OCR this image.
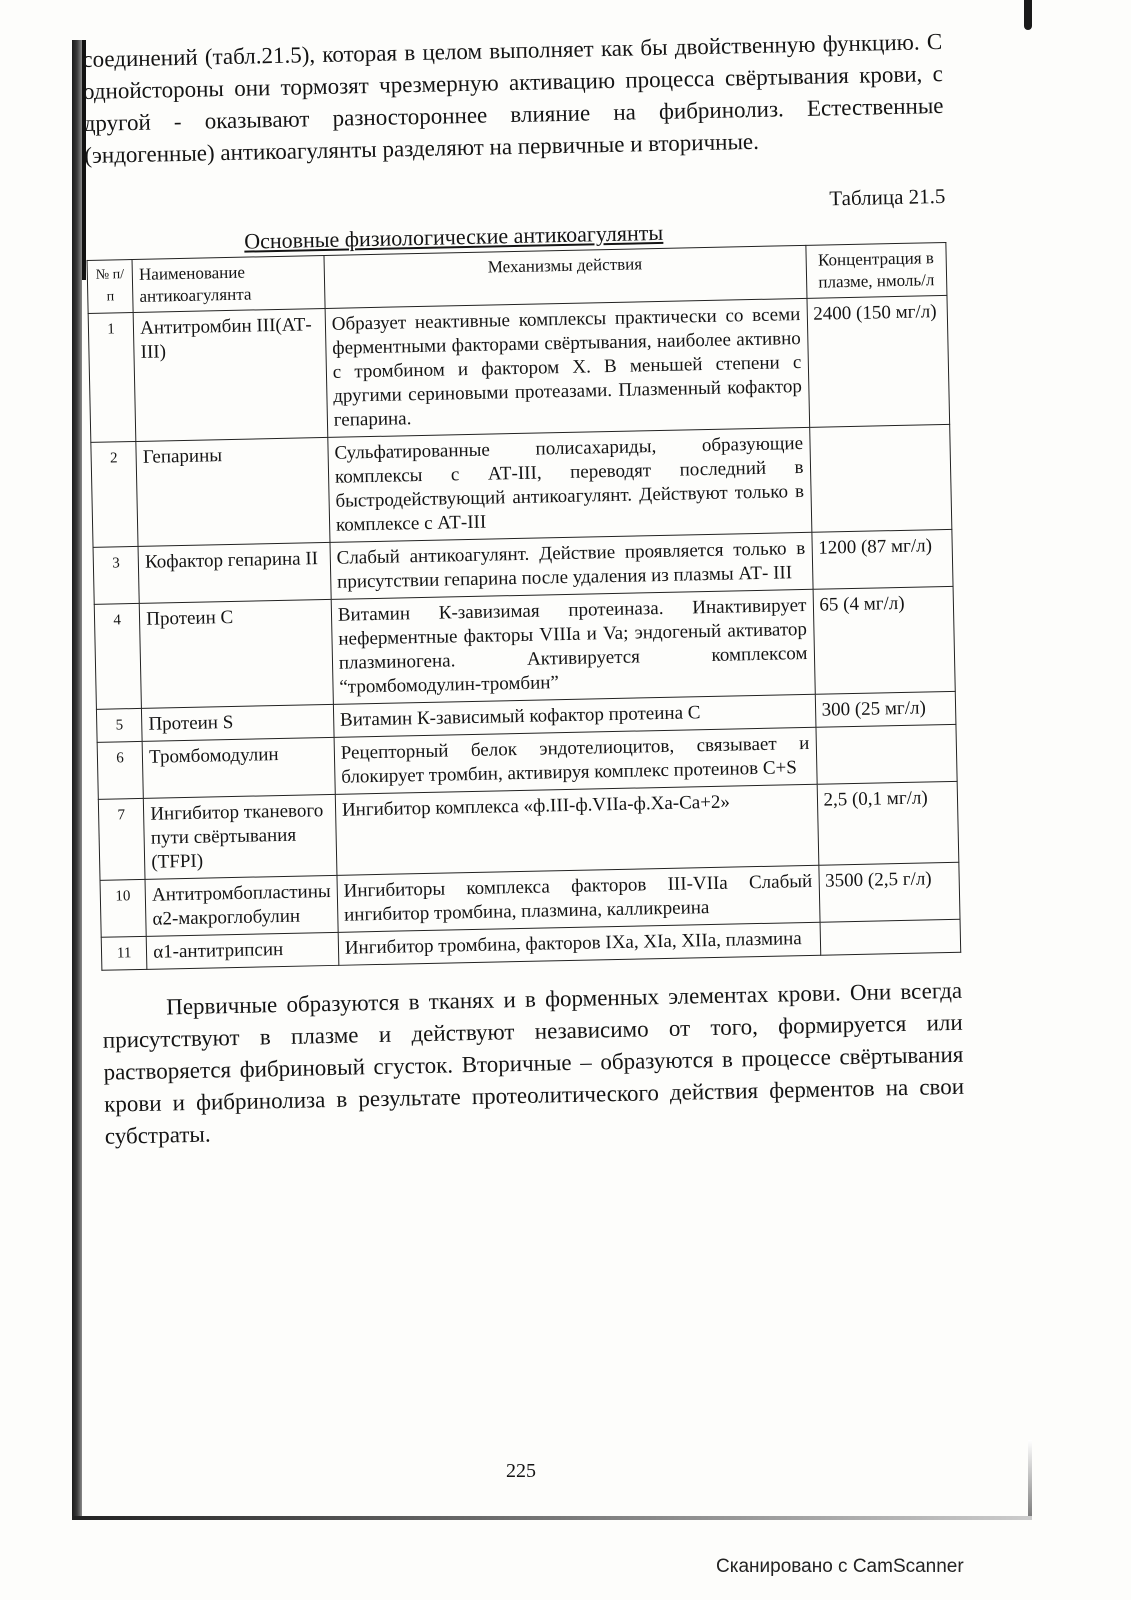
соединений (табл.21.5), которая в целом выполняет как бы двойственную функцию. С однойстороны они тормозят чрезмерную активацию процесса свёртывания крови, с другой - оказывают разностороннее влияние на фибринолиз. Естественные (эндогенные) антикоагулянты разделяют на первичные и вторичные.

Таблица 21.5
Основные физиологические антикоагулянты
№ п/п	Наименование антикоагулянта	Механизмы действия	Концентрация в плазме, нмоль/л
1	Антитромбин III(АТ-III)	Образует неактивные комплексы практически со всеми ферментными факторами свёртывания, наиболее активно с тромбином и фактором Х. В меньшей степени с другими сериновыми протеазами. Плазменный кофактор гепарина.	2400 (150 мг/л)
2	Гепарины	Сульфатированные полисахариды, образующие комплексы с АТ-III, переводят последний в быстродействующий антикоагулянт. Действуют только в комплексе с АТ-III	
3	Кофактор гепарина II	Слабый антикоагулянт. Действие проявляется только в присутствии гепарина после удаления из плазмы АТ- III	1200 (87 мг/л)
4	Протеин С	Витамин К-завизимая протеиназа. Инактивирует неферментные факторы VIIIa и Va; эндогеный активатор плазминогена. Активируется комплексом “тромбомодулин-тромбин”	65 (4 мг/л)
5	Протеин S	Витамин К-зависимый кофактор протеина С	300 (25 мг/л)
6	Тромбомодулин	Рецепторный белок эндотелиоцитов, связывает и блокирует тромбин, активируя комплекс протеинов C+S	
7	Ингибитор тканевого пути свёртывания (TFPI)	Ингибитор комплекса «ф.III-ф.VIIa-ф.Xa-Ca+2»	2,5 (0,1 мг/л)
10	Антитромбопластины α2-макроглобулин	Ингибиторы комплекса факторов III-VIIa Слабый ингибитор тромбина, плазмина, калликреина	3500 (2,5 г/л)
11	α1-антитрипсин	Ингибитор тромбина, факторов IXa, XIa, XIIa, плазмина	

Первичные образуются в тканях и в форменных элементах крови. Они всегда присутствуют в плазме и действуют независимо от того, формируется или растворяется фибриновый сгусток. Вторичные – образуются в процессе свёртывания крови и фибринолиза в результате протеолитического действия ферментов на свои субстраты.

225
Сканировано с CamScanner
